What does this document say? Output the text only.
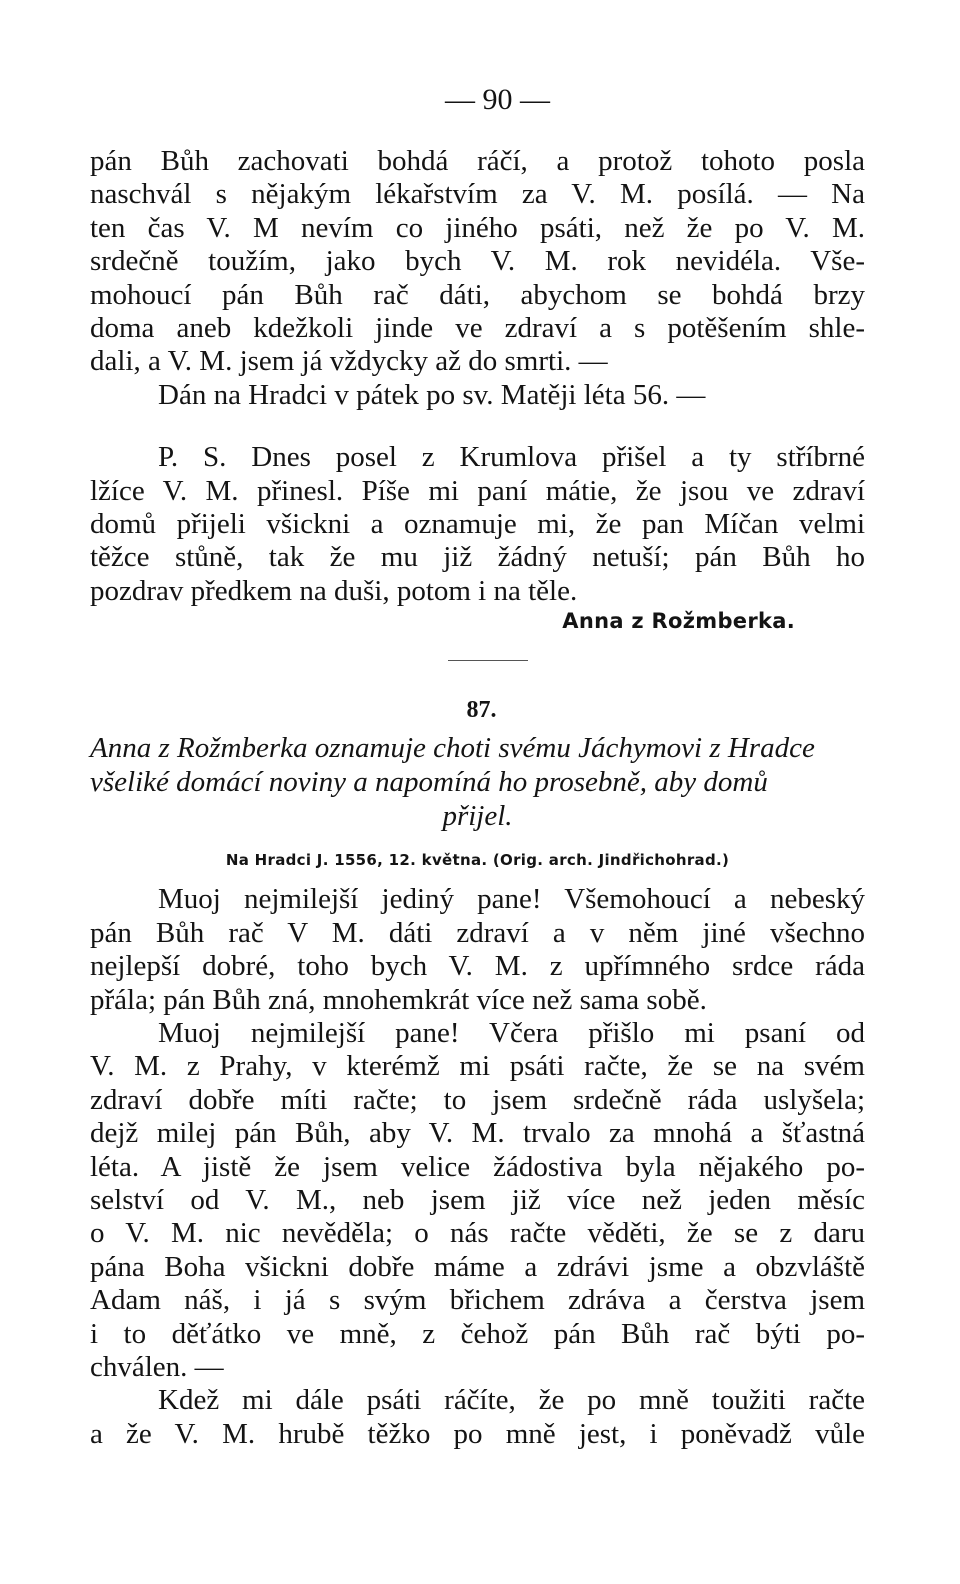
— 90 —
pán Bůh zachovati bohdá ráčí, a protož tohoto posla
naschvál s nějakým lékařstvím za V. M. posílá. — Na
ten čas V. M nevím co jiného psáti, než že po V. M.
srdečně toužím, jako bych V. M. rok nevidéla. Vše-
mohoucí pán Bůh rač dáti, abychom se bohdá brzy
doma aneb kdežkoli jinde ve zdraví a s potěšením shle-
dali, a V. M. jsem já vždycky až do smrti. —
Dán na Hradci v pátek po sv. Matěji léta 56. —
P. S. Dnes posel z Krumlova přišel a ty stříbrné
lžíce V. M. přinesl. Píše mi paní mátie, že jsou ve zdraví
domů přijeli všickni a oznamuje mi, že pan Míčan velmi
těžce stůně, tak že mu již žádný netuší; pán Bůh ho
pozdrav předkem na duši, potom i na těle.
Anna z Rožmberka.
87.
Anna z Rožmberka oznamuje choti svému Jáchymovi z Hradce
všeliké domácí noviny a napomíná ho prosebně, aby domů
přijel.
Na Hradci J. 1556, 12. května. (Orig. arch. Jindřichohrad.)
Muoj nejmilejší jediný pane! Všemohoucí a nebeský
pán Bůh rač V M. dáti zdraví a v něm jiné všechno
nejlepší dobré, toho bych V. M. z upřímného srdce ráda
přála; pán Bůh zná, mnohemkrát více než sama sobě.
Muoj nejmilejší pane! Včera přišlo mi psaní od
V. M. z Prahy, v kterémž mi psáti račte, že se na svém
zdraví dobře míti račte; to jsem srdečně ráda uslyšela;
dejž milej pán Bůh, aby V. M. trvalo za mnohá a šťastná
léta. A jistě že jsem velice žádostiva byla nějakého po-
selství od V. M., neb jsem již více než jeden měsíc
o V. M. nic nevěděla; o nás račte věděti, že se z daru
pána Boha všickni dobře máme a zdrávi jsme a obzvláště
Adam náš, i já s svým břichem zdráva a čerstva jsem
i to děťátko ve mně, z čehož pán Bůh rač býti po-
chválen. —
Kdež mi dále psáti ráčíte, že po mně toužiti račte
a že V. M. hrubě těžko po mně jest, i poněvadž vůle
